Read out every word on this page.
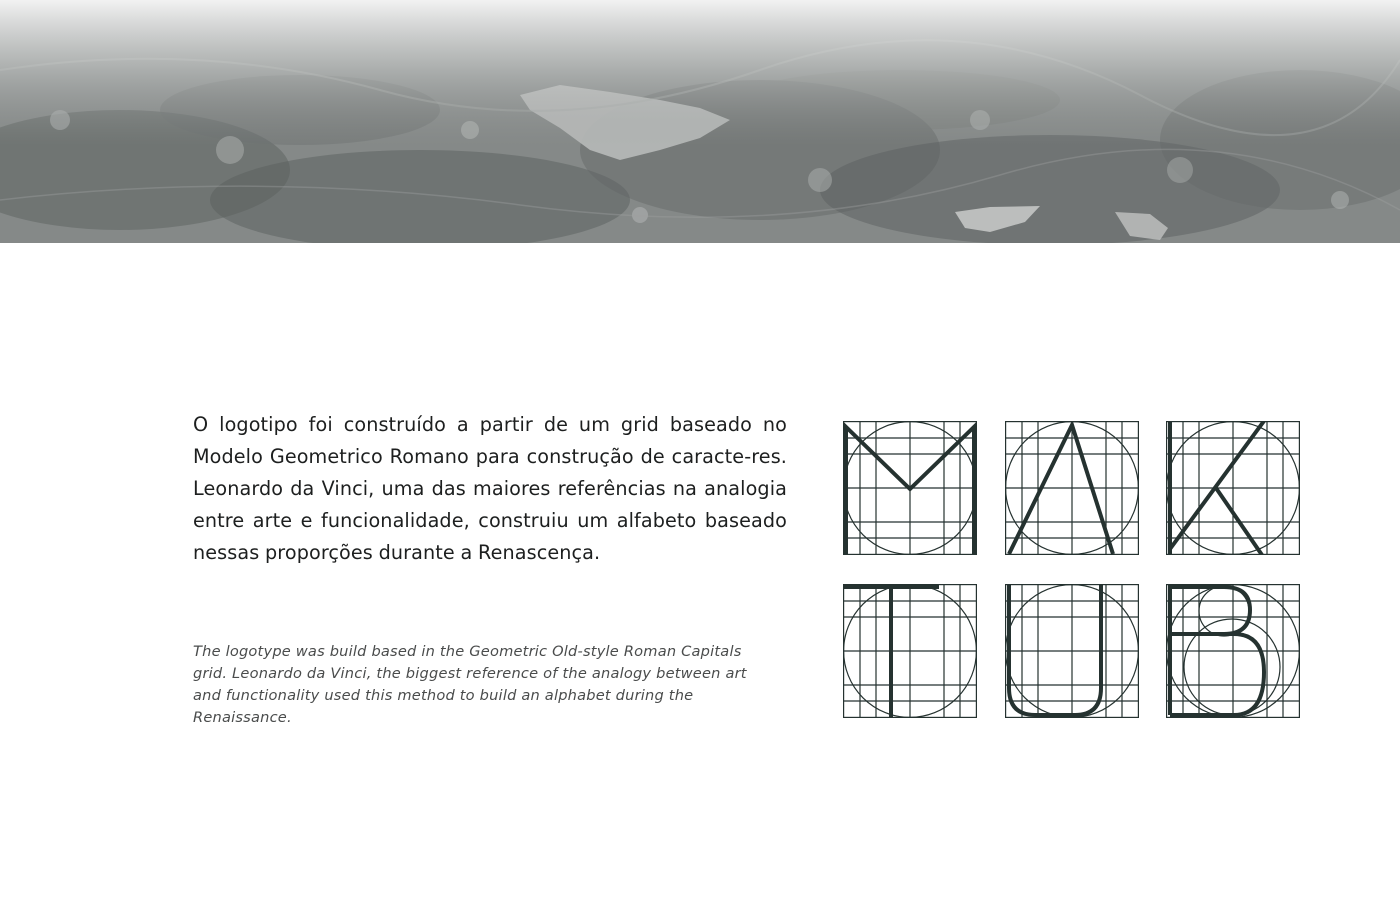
O logotipo foi construído a partir de um grid baseado no Modelo Geometrico Romano para construção de caracte-res. Leonardo da Vinci, uma das maiores referências na analogia entre arte e funcionalidade, construiu um alfabeto baseado nessas proporções durante a Renascença.

The logotype was build based in the Geometric Old-style Roman Capitals grid. Leonardo da Vinci, the biggest reference of the analogy between art and functionality used this method to build an alphabet during the Renaissance.
